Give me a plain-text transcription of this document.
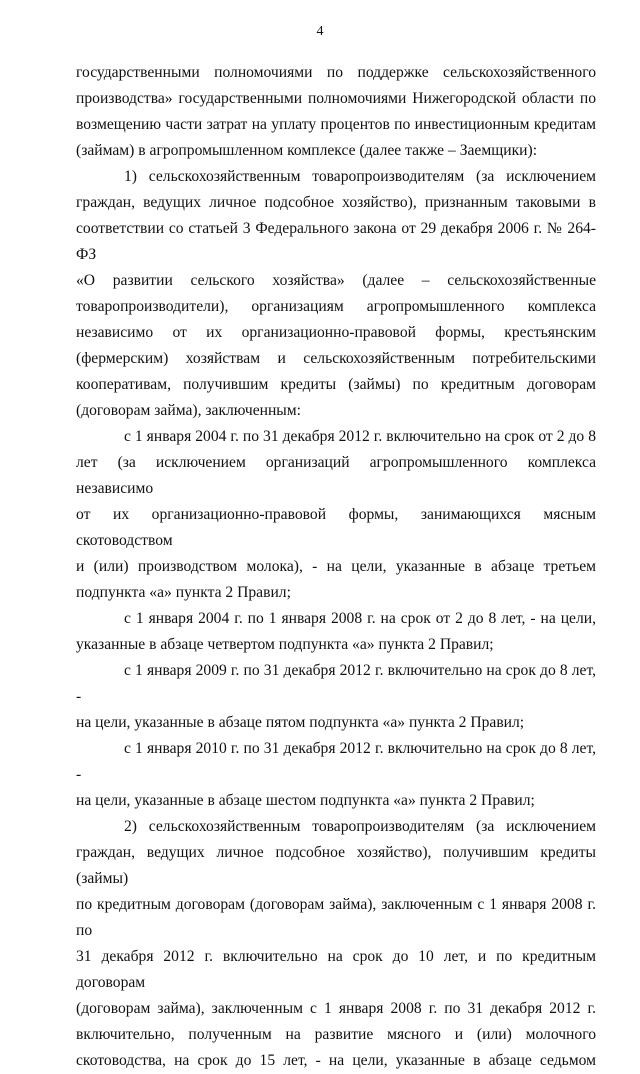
4
государственными полномочиями по поддержке сельскохозяйственного
производства» государственными полномочиями Нижегородской области по
возмещению части затрат на уплату процентов по инвестиционным кредитам
(займам) в агропромышленном комплексе (далее также – Заемщики):
1) сельскохозяйственным товаропроизводителям (за исключением
граждан, ведущих личное подсобное хозяйство), признанным таковыми в
соответствии со статьей 3 Федерального закона от 29 декабря 2006 г. № 264-ФЗ
«О развитии сельского хозяйства» (далее – сельскохозяйственные
товаропроизводители), организациям агропромышленного комплекса
независимо от их организационно-правовой формы, крестьянским
(фермерским) хозяйствам и сельскохозяйственным потребительскими
кооперативам, получившим кредиты (займы) по кредитным договорам
(договорам займа), заключенным:
с 1 января 2004 г. по 31 декабря 2012 г. включительно на срок от 2 до 8
лет (за исключением организаций агропромышленного комплекса независимо
от их организационно-правовой формы, занимающихся мясным скотоводством
и (или) производством молока), - на цели, указанные в абзаце третьем
подпункта «а» пункта 2 Правил;
с 1 января 2004 г. по 1 января 2008 г. на срок от 2 до 8 лет, - на цели,
указанные в абзаце четвертом подпункта «а» пункта 2 Правил;
с 1 января 2009 г. по 31 декабря 2012 г. включительно на срок до 8 лет, -
на цели, указанные в абзаце пятом подпункта «а» пункта 2 Правил;
с 1 января 2010 г. по 31 декабря 2012 г. включительно на срок до 8 лет, -
на цели, указанные в абзаце шестом подпункта «а» пункта 2 Правил;
2) сельскохозяйственным товаропроизводителям (за исключением
граждан, ведущих личное подсобное хозяйство), получившим кредиты (займы)
по кредитным договорам (договорам займа), заключенным с 1 января 2008 г. по
31 декабря 2012 г. включительно на срок до 10 лет, и по кредитным договорам
(договорам займа), заключенным с 1 января 2008 г. по 31 декабря 2012 г.
включительно, полученным на развитие мясного и (или) молочного
скотоводства, на срок до 15 лет, - на цели, указанные в абзаце седьмом
